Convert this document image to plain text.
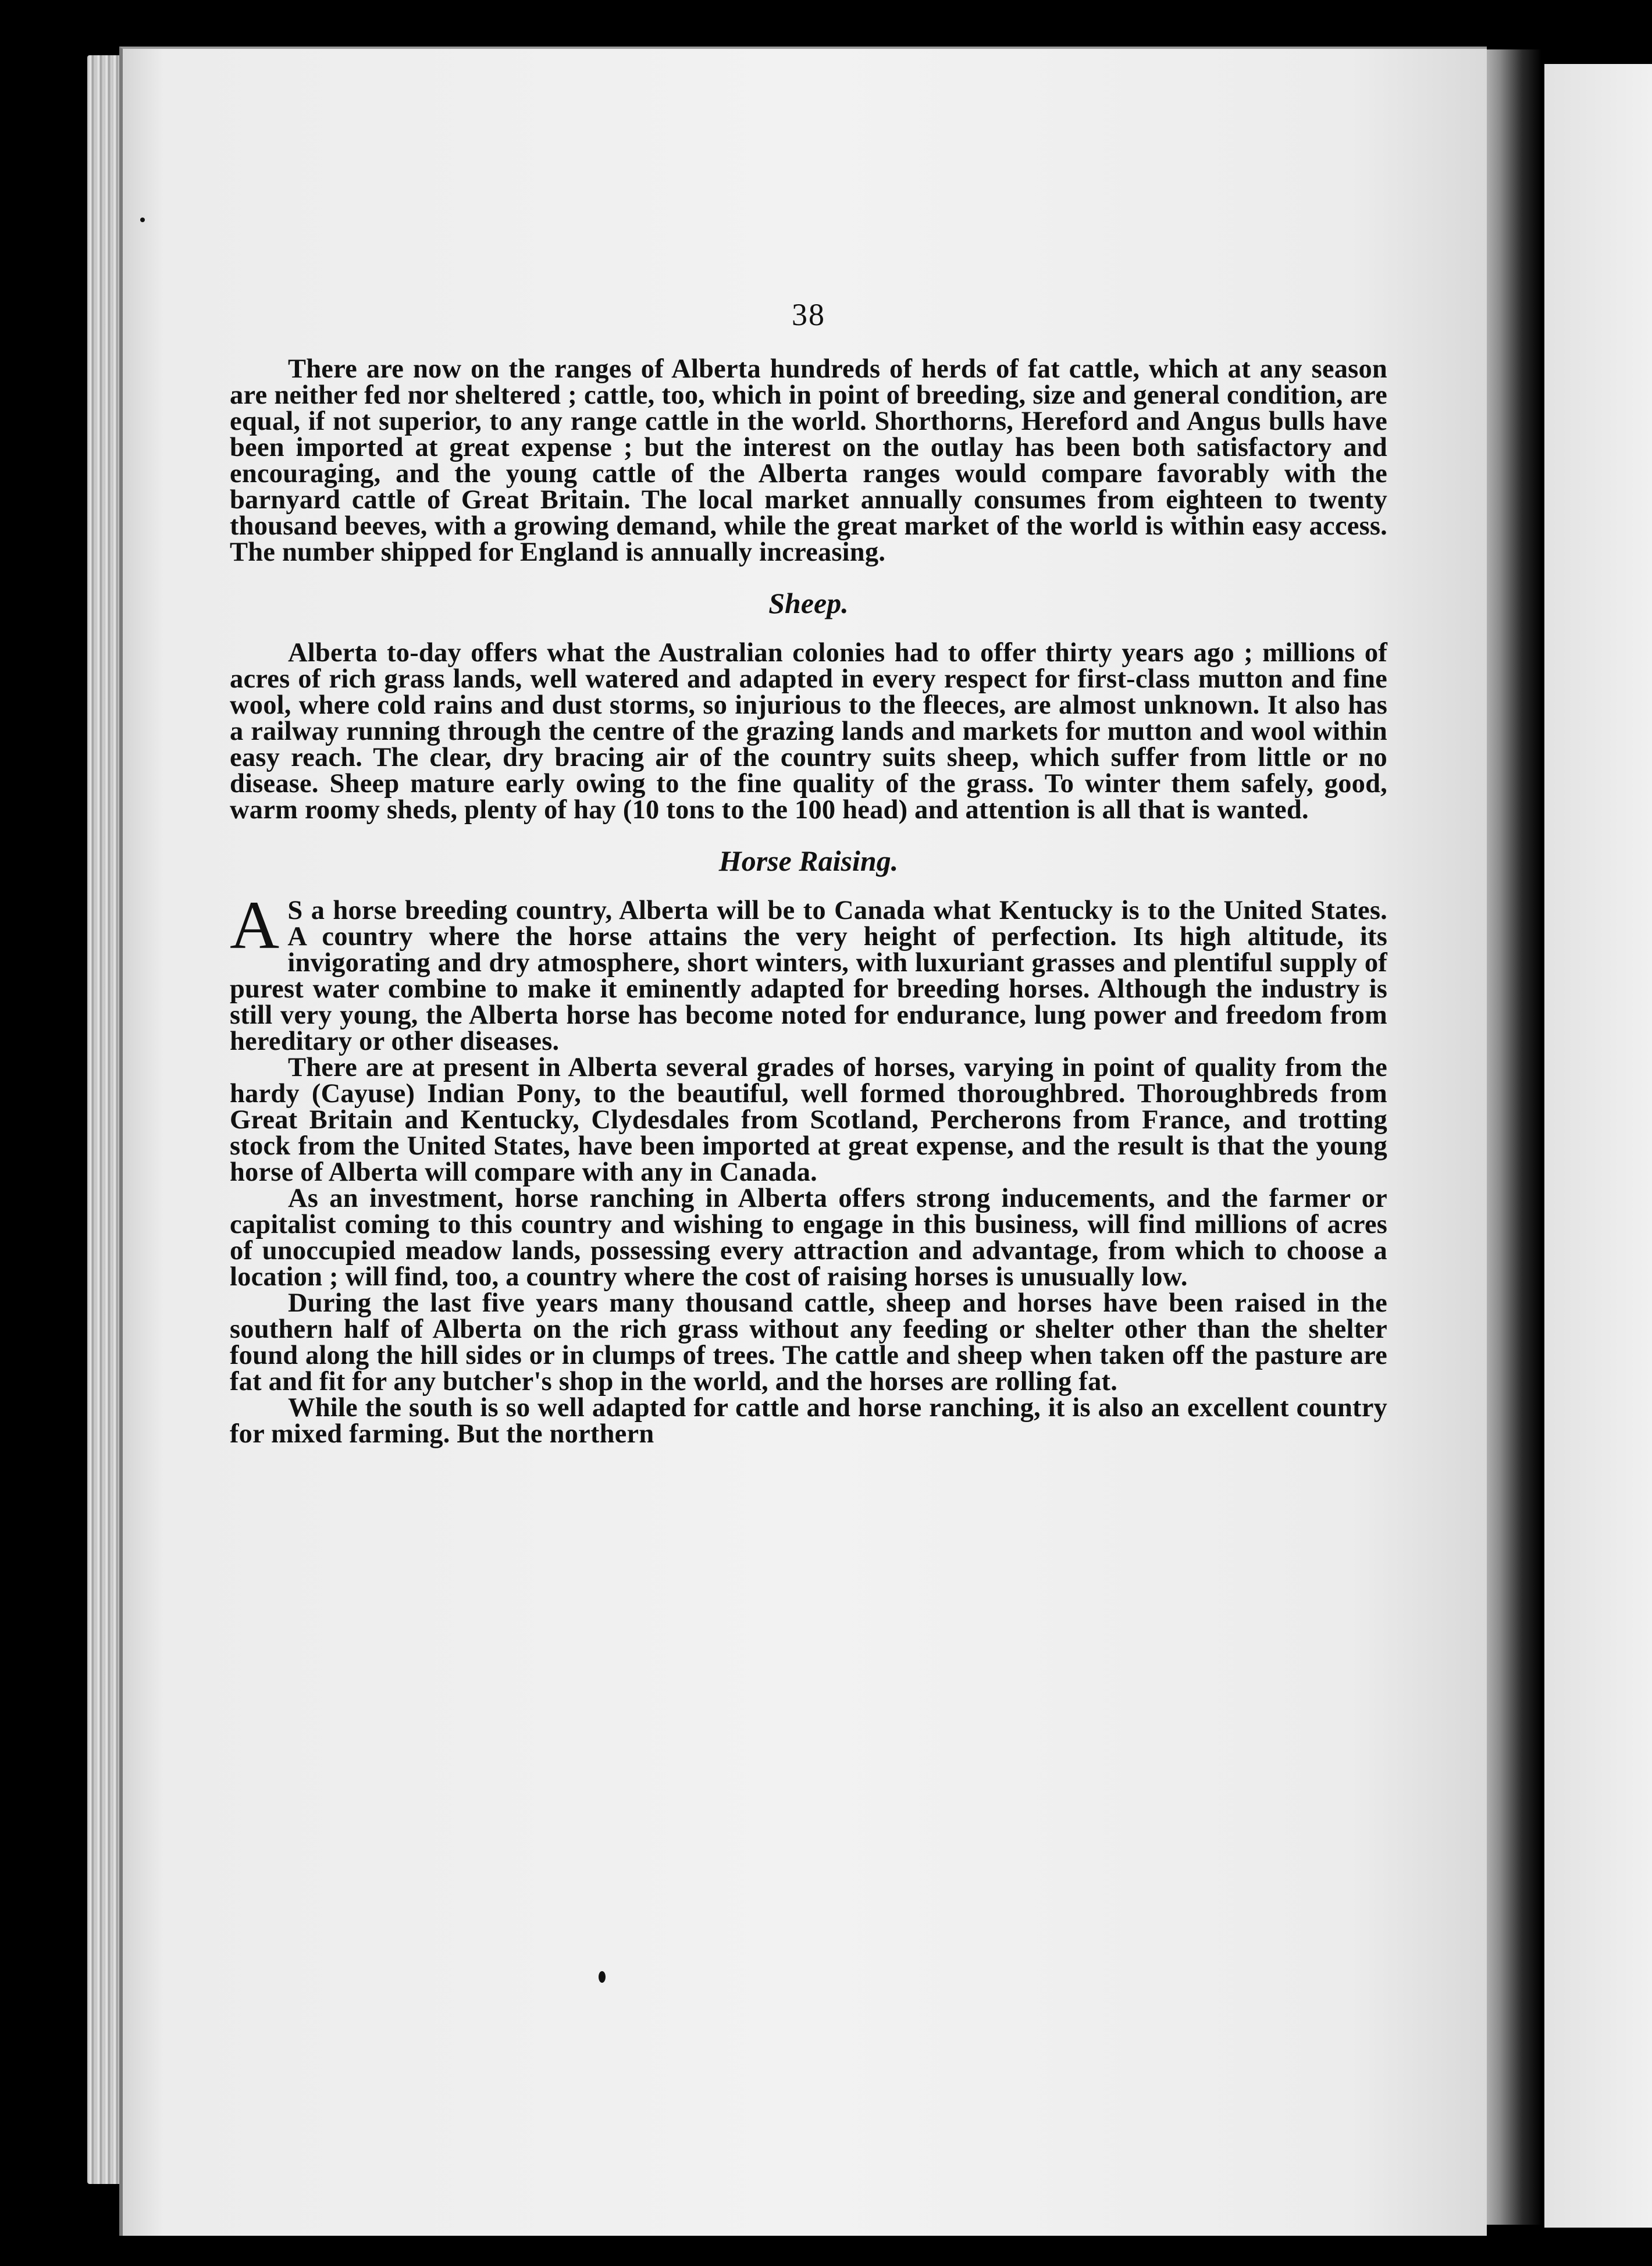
38

There are now on the ranges of Alberta hundreds of herds of fat cattle, which at any season are neither fed nor sheltered ; cattle, too, which in point of breeding, size and general condition, are equal, if not superior, to any range cattle in the world. Shorthorns, Hereford and Angus bulls have been imported at great expense ; but the interest on the outlay has been both satisfactory and encouraging, and the young cattle of the Alberta ranges would compare favorably with the barnyard cattle of Great Britain. The local market annually consumes from eighteen to twenty thousand beeves, with a growing demand, while the great market of the world is within easy access. The number shipped for England is annually increasing.

Sheep.

Alberta to-day offers what the Australian colonies had to offer thirty years ago ; millions of acres of rich grass lands, well watered and adapted in every respect for first-class mutton and fine wool, where cold rains and dust storms, so injurious to the fleeces, are almost unknown. It also has a railway running through the centre of the grazing lands and markets for mutton and wool within easy reach. The clear, dry bracing air of the country suits sheep, which suffer from little or no disease. Sheep mature early owing to the fine quality of the grass. To winter them safely, good, warm roomy sheds, plenty of hay (10 tons to the 100 head) and attention is all that is wanted.

Horse Raising.

A S a horse breeding country, Alberta will be to Canada what Kentucky is to the United States. A country where the horse attains the very height of perfection. Its high altitude, its invigorating and dry atmosphere, short winters, with luxuriant grasses and plentiful supply of purest water combine to make it eminently adapted for breeding horses. Although the industry is still very young, the Alberta horse has become noted for endurance, lung power and freedom from hereditary or other diseases.

There are at present in Alberta several grades of horses, varying in point of quality from the hardy (Cayuse) Indian Pony, to the beautiful, well formed thoroughbred. Thoroughbreds from Great Britain and Kentucky, Clydesdales from Scotland, Percherons from France, and trotting stock from the United States, have been imported at great expense, and the result is that the young horse of Alberta will compare with any in Canada.

As an investment, horse ranching in Alberta offers strong inducements, and the farmer or capitalist coming to this country and wishing to engage in this business, will find millions of acres of unoccupied meadow lands, possessing every attraction and advantage, from which to choose a location ; will find, too, a country where the cost of raising horses is unusually low.

During the last five years many thousand cattle, sheep and horses have been raised in the southern half of Alberta on the rich grass without any feeding or shelter other than the shelter found along the hill sides or in clumps of trees. The cattle and sheep when taken off the pasture are fat and fit for any butcher's shop in the world, and the horses are rolling fat.

While the south is so well adapted for cattle and horse ranching, it is also an excellent country for mixed farming. But the northern
